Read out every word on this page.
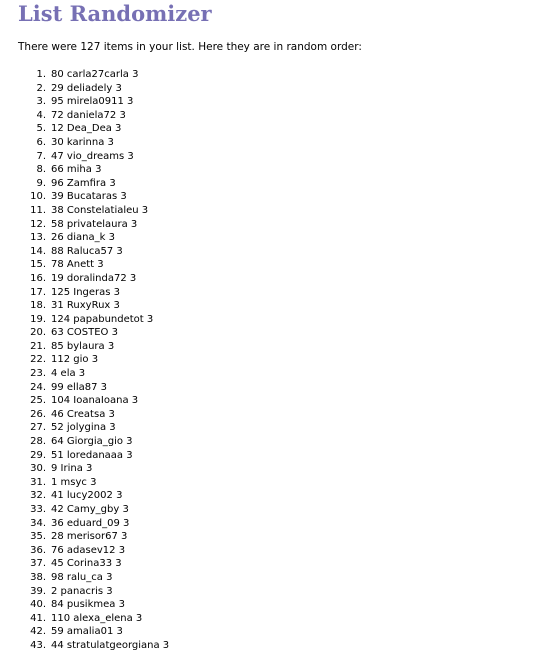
List Randomizer

There were 127 items in your list. Here they are in random order:

1. 80 carla27carla 3
2. 29 deliadely 3
3. 95 mirela0911 3
4. 72 daniela72 3
5. 12 Dea_Dea 3
6. 30 karinna 3
7. 47 vio_dreams 3
8. 66 miha 3
9. 96 Zamfira 3
10. 39 Bucataras 3
11. 38 Constelatialeu 3
12. 58 privatelaura 3
13. 26 diana_k 3
14. 88 Raluca57 3
15. 78 Anett 3
16. 19 doralinda72 3
17. 125 Ingeras 3
18. 31 RuxyRux 3
19. 124 papabundetot 3
20. 63 COSTEO 3
21. 85 bylaura 3
22. 112 gio 3
23. 4 ela 3
24. 99 ella87 3
25. 104 IoanaIoana 3
26. 46 Creatsa 3
27. 52 jolygina 3
28. 64 Giorgia_gio 3
29. 51 loredanaaa 3
30. 9 Irina 3
31. 1 msyc 3
32. 41 lucy2002 3
33. 42 Camy_gby 3
34. 36 eduard_09 3
35. 28 merisor67 3
36. 76 adasev12 3
37. 45 Corina33 3
38. 98 ralu_ca 3
39. 2 panacris 3
40. 84 pusikmea 3
41. 110 alexa_elena 3
42. 59 amalia01 3
43. 44 stratulatgeorgiana 3
